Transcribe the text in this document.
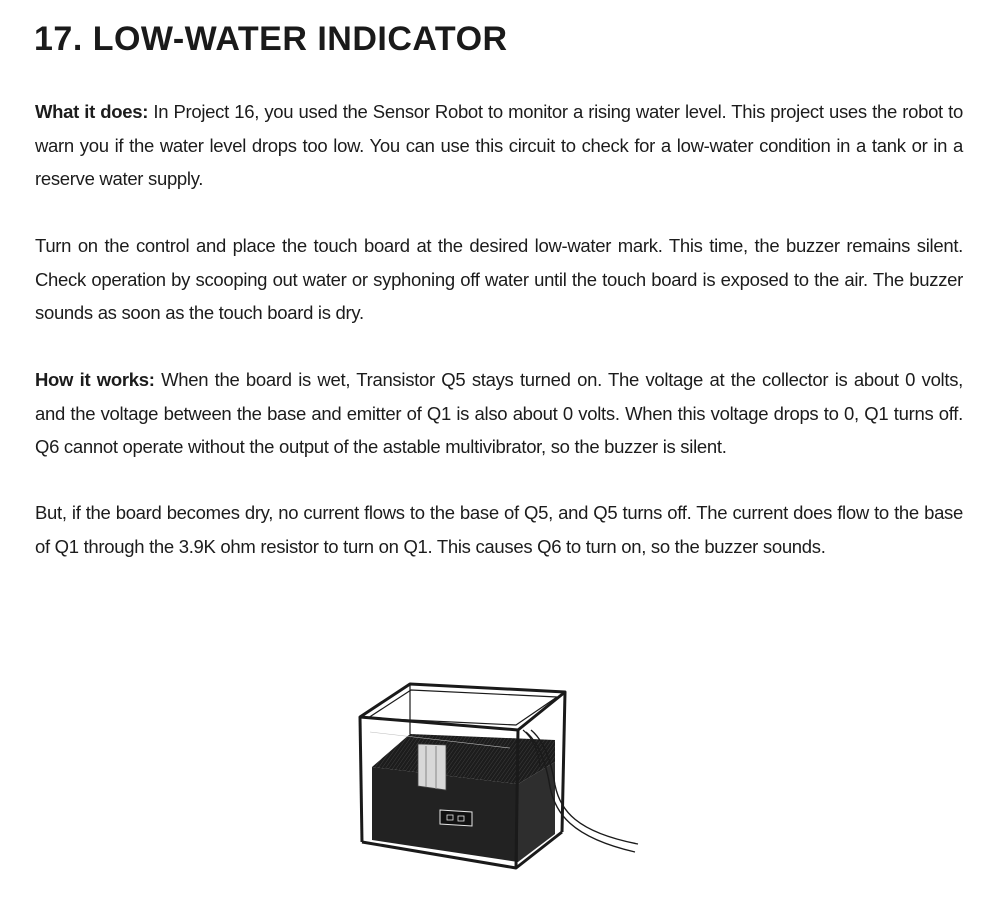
17. LOW-WATER INDICATOR

What it does: In Project 16, you used the Sensor Robot to monitor a rising water level. This project uses the robot to warn you if the water level drops too low. You can use this circuit to check for a low-water condition in a tank or in a reserve water supply.

Turn on the control and place the touch board at the desired low-water mark. This time, the buzzer remains silent. Check operation by scooping out water or syphoning off water until the touch board is exposed to the air. The buzzer sounds as soon as the touch board is dry.

How it works: When the board is wet, Transistor Q5 stays turned on. The voltage at the collector is about 0 volts, and the voltage between the base and emitter of Q1 is also about 0 volts. When this voltage drops to 0, Q1 turns off. Q6 cannot operate without the output of the astable multivibrator, so the buzzer is silent.

But, if the board becomes dry, no current flows to the base of Q5, and Q5 turns off. The current does flow to the base of Q1 through the 3.9K ohm resistor to turn on Q1. This causes Q6 to turn on, so the buzzer sounds.
